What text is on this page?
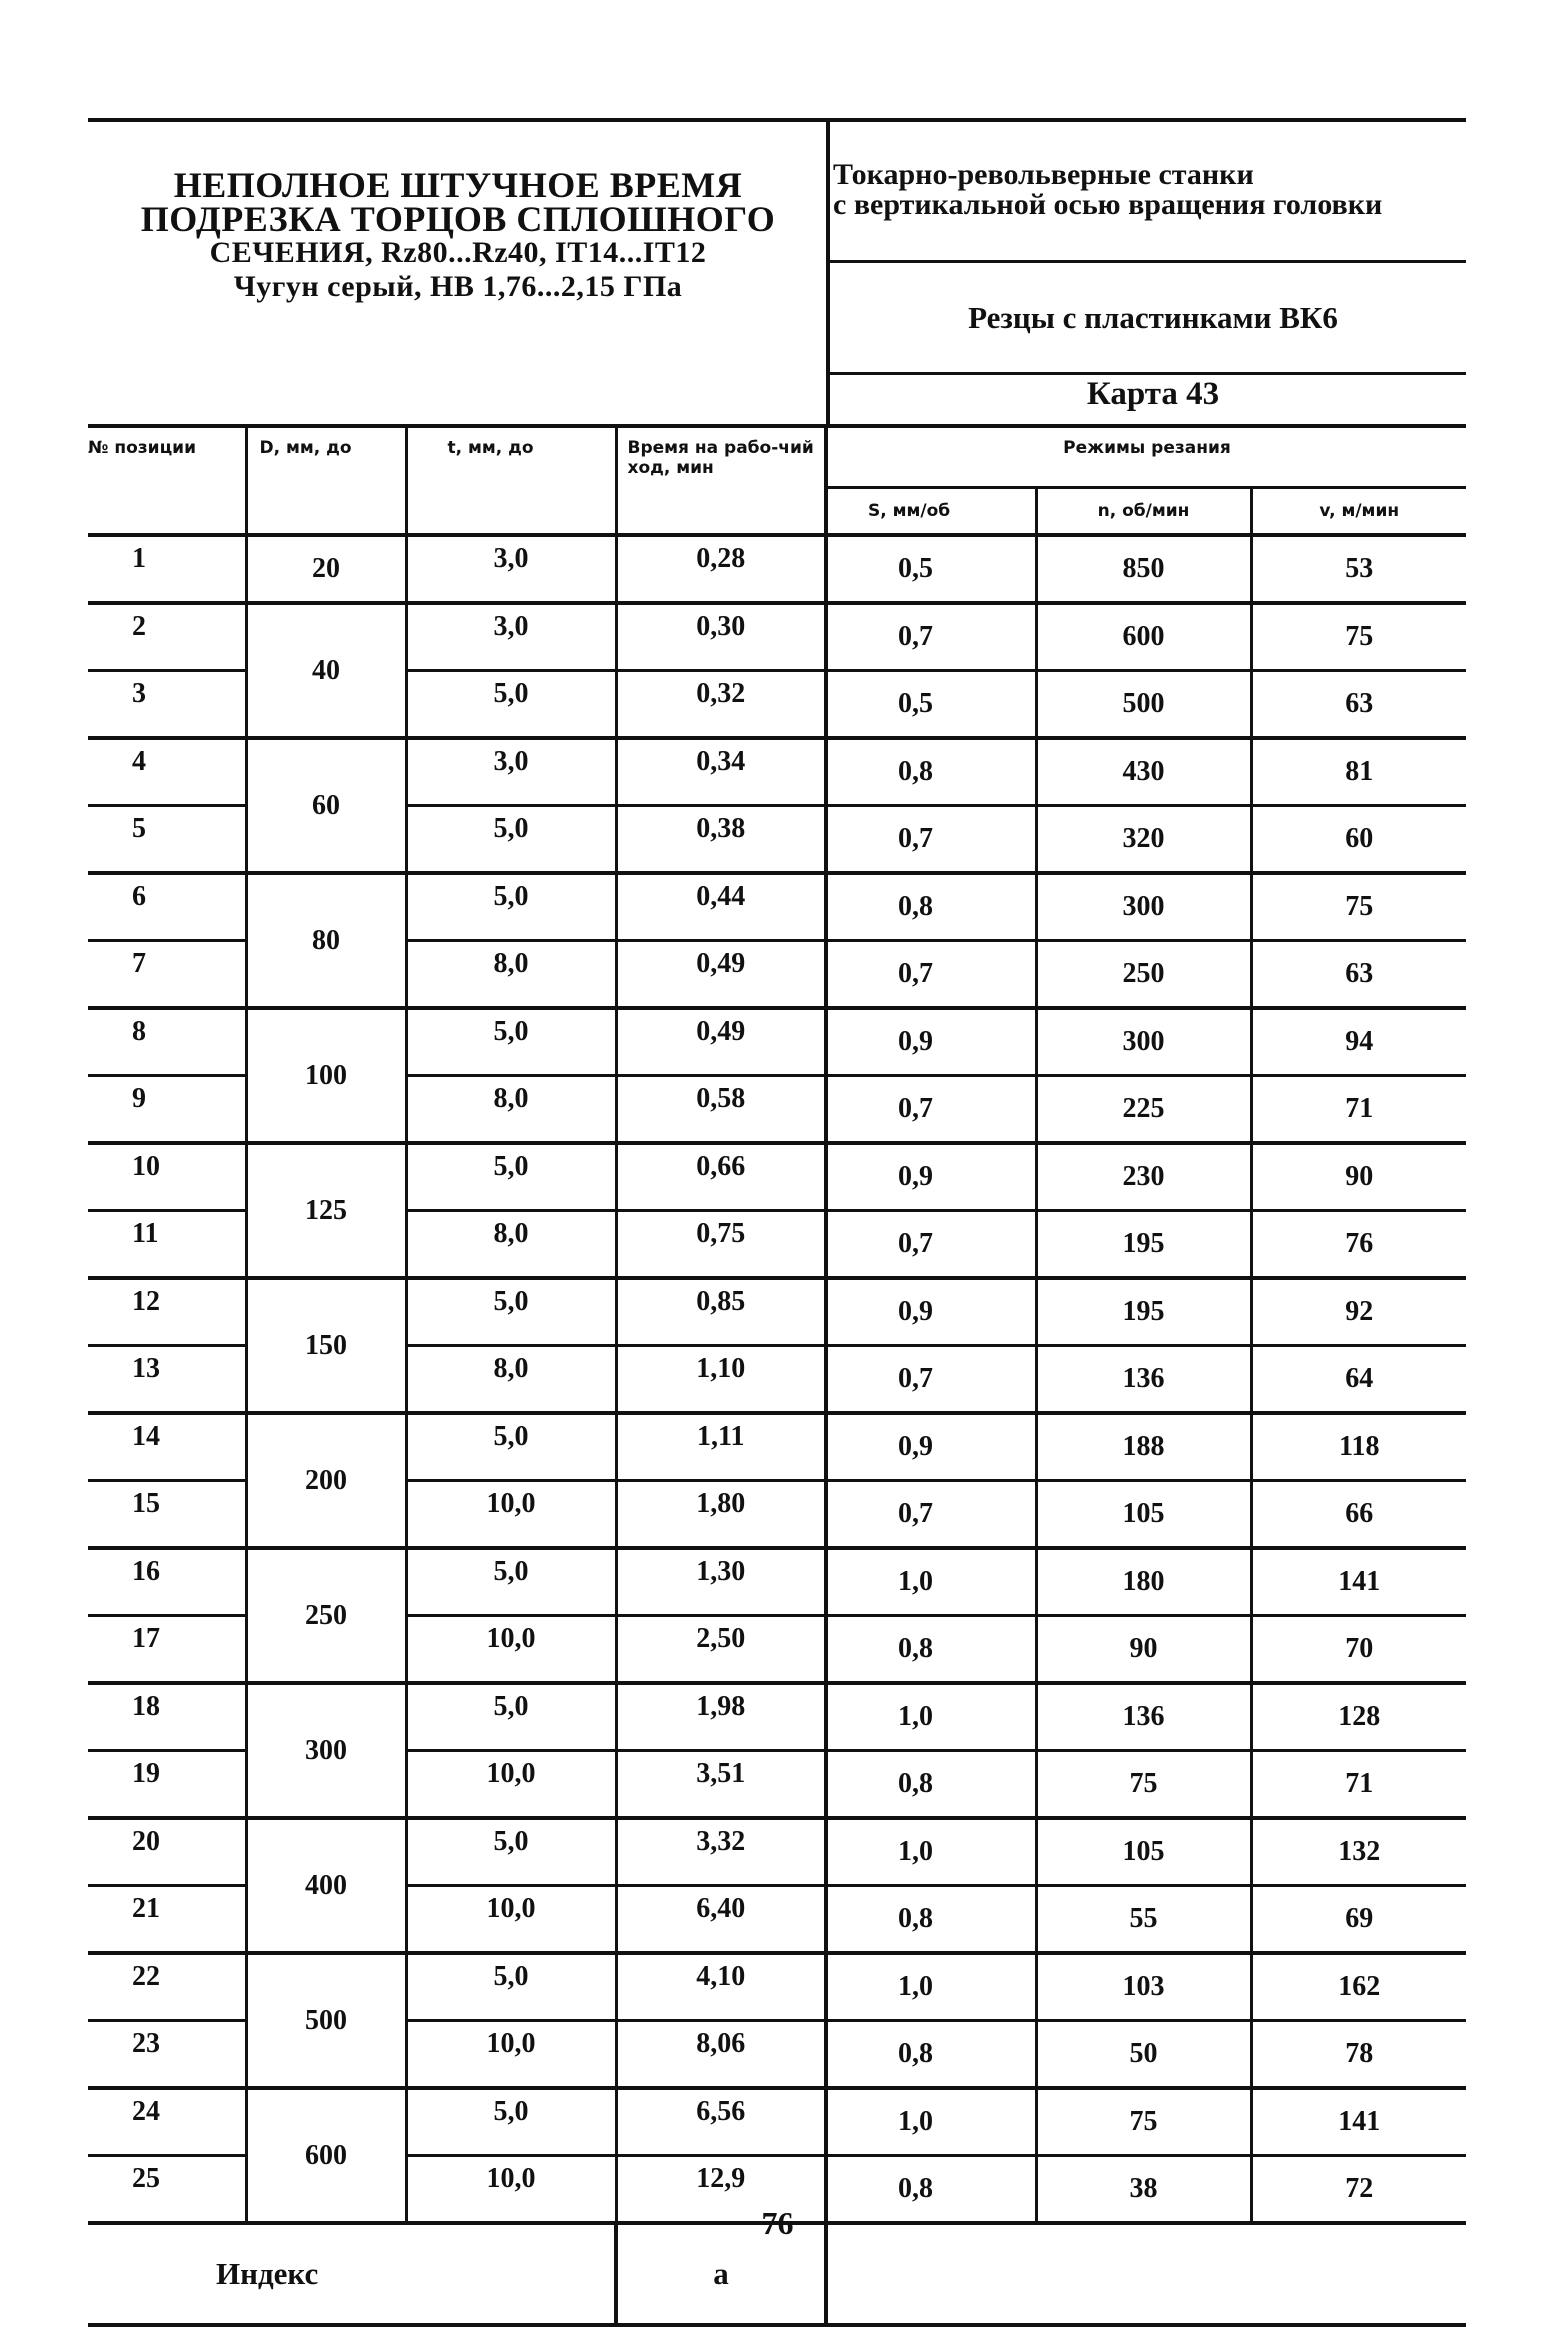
НЕПОЛНОЕ ШТУЧНОЕ ВРЕМЯ
ПОДРЕЗКА ТОРЦОВ СПЛОШНОГО
СЕЧЕНИЯ, Rz80...Rz40, IT14...IT12
Чугун серый, НВ 1,76...2,15 ГПа
Токарно-револьверные станки
с вертикальной осью вращения головки
Резцы с пластинками ВК6
Карта 43
№ позиции	D, мм, до	t, мм, до	Время на рабо-чий ход, мин	Режимы резания		
				S, мм/об	n, об/мин	v, м/мин
1	20	3,0	0,28	0,5	850	53
2	40	3,0	0,30	0,7	600	75
3		5,0	0,32	0,5	500	63
4	60	3,0	0,34	0,8	430	81
5		5,0	0,38	0,7	320	60
6	80	5,0	0,44	0,8	300	75
7		8,0	0,49	0,7	250	63
8	100	5,0	0,49	0,9	300	94
9		8,0	0,58	0,7	225	71
10	125	5,0	0,66	0,9	230	90
11		8,0	0,75	0,7	195	76
12	150	5,0	0,85	0,9	195	92
13		8,0	1,10	0,7	136	64
14	200	5,0	1,11	0,9	188	118
15		10,0	1,80	0,7	105	66
16	250	5,0	1,30	1,0	180	141
17		10,0	2,50	0,8	90	70
18	300	5,0	1,98	1,0	136	128
19		10,0	3,51	0,8	75	71
20	400	5,0	3,32	1,0	105	132
21		10,0	6,40	0,8	55	69
22	500	5,0	4,10	1,0	103	162
23		10,0	8,06	0,8	50	78
24	600	5,0	6,56	1,0	75	141
25		10,0	12,9	0,8	38	72
Индекс			а			
76
